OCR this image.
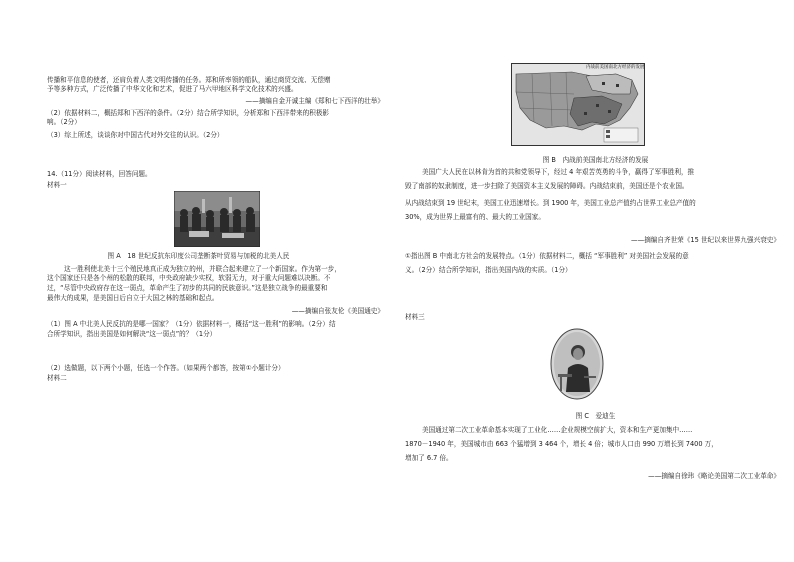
传播和平信息的使者，还肩负着人类文明传播的任务。郑和所率领的船队，通过商贸交流、无偿赠
予等多种方式，广泛传播了中华文化和艺术，促进了马六甲地区科学文化技术的兴盛。
——摘编自金开诚主编《郑和七下西洋的壮举》
（2）依据材料二，概括郑和下西洋的条件。（2分）结合所学知识，分析郑和下西洋带来的积极影
响。（2分）
（3）综上所述，谈谈你对中国古代对外交往的认识。（2分）
14.（11分）阅读材料，回答问题。
材料一
图 A　18 世纪反抗东印度公司垄断茶叶贸易与加税的北美人民
这一胜利使北美十三个殖民地真正成为独立的州，并联合起来建立了一个新国家。作为第一步，
这个国家还只是各个州的松散的联邦，中央政府缺少实权，软弱无力，对于重大问题难以决断。不
过，“尽管中央政府存在这一弱点，革命产生了初步的共同的民族意识。”这是独立战争的最重要和
最伟大的成果，是美国日后自立于大国之林的基础和起点。
——摘编自张友伦《美国通史》
（1）图 A 中北美人民反抗的是哪一国家？（1分）依据材料一，概括“这一胜利”的影响。（2分）结
合所学知识，指出美国是如何解决“这一弱点”的？（1分）
（2）选做题，以下两个小题，任选一个作答。（如果两个都答，按第①小题计分）
材料二
内战前美国南北方经济的发展
图 B　内战前美国南北方经济的发展
美国广大人民在以林肯为首的共和党领导下，经过 4 年艰苦英勇的斗争，赢得了军事胜利，推
毁了南部的奴隶制度，进一步扫除了美国资本主义发展的障碍。内战结束前，美国还是个农业国。
从内战结束到 19 世纪末，美国工业迅速增长。到 1900 年，美国工业总产值约占世界工业总产值的
30%，成为世界上最富有的、最大的工业国家。
——摘编自齐世荣《15 世纪以来世界九强兴衰史》
①指出图 B 中南北方社会的发展特点。（1分）依据材料二，概括 “军事胜利” 对美国社会发展的意
义。（2分）结合所学知识，指出美国内战的实质。（1分）
材料三
图 C　爱迪生
美国通过第二次工业革命基本实现了工业化……企业规模空前扩大，资本和生产更加集中……
1870－1940 年，美国城市由 663 个猛增到 3 464 个，增长 4 倍；城市人口由 990 万增长到 7400 万，
增加了 6.7 倍。
——摘编自徐玮《略论美国第二次工业革命》
